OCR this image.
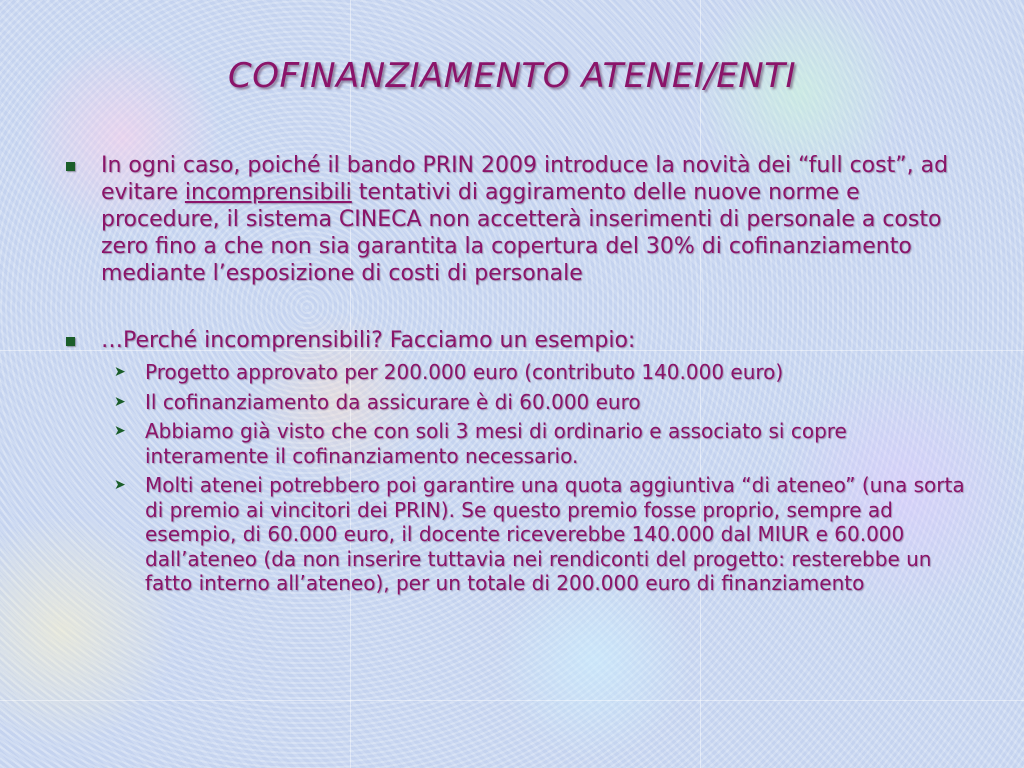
COFINANZIAMENTO ATENEI/ENTI
In ogni caso, poiché il bando PRIN 2009 introduce la novità dei “full cost”, ad evitare incomprensibili tentativi di aggiramento delle nuove norme e procedure, il sistema CINECA non accetterà inserimenti di personale a costo zero fino a che non sia garantita la copertura del 30% di cofinanziamento mediante l’esposizione di costi di personale
…Perché incomprensibili? Facciamo un esempio:
➤ Progetto approvato per 200.000 euro (contributo 140.000 euro)
➤ Il cofinanziamento da assicurare è di 60.000 euro
➤ Abbiamo già visto che con soli 3 mesi di ordinario e associato si copre interamente il cofinanziamento necessario.
➤ Molti atenei potrebbero poi garantire una quota aggiuntiva “di ateneo” (una sorta di premio ai vincitori dei PRIN). Se questo premio fosse proprio, sempre ad esempio, di 60.000 euro, il docente riceverebbe 140.000 dal MIUR e 60.000 dall’ateneo (da non inserire tuttavia nei rendiconti del progetto: resterebbe un fatto interno all’ateneo), per un totale di 200.000 euro di finanziamento
